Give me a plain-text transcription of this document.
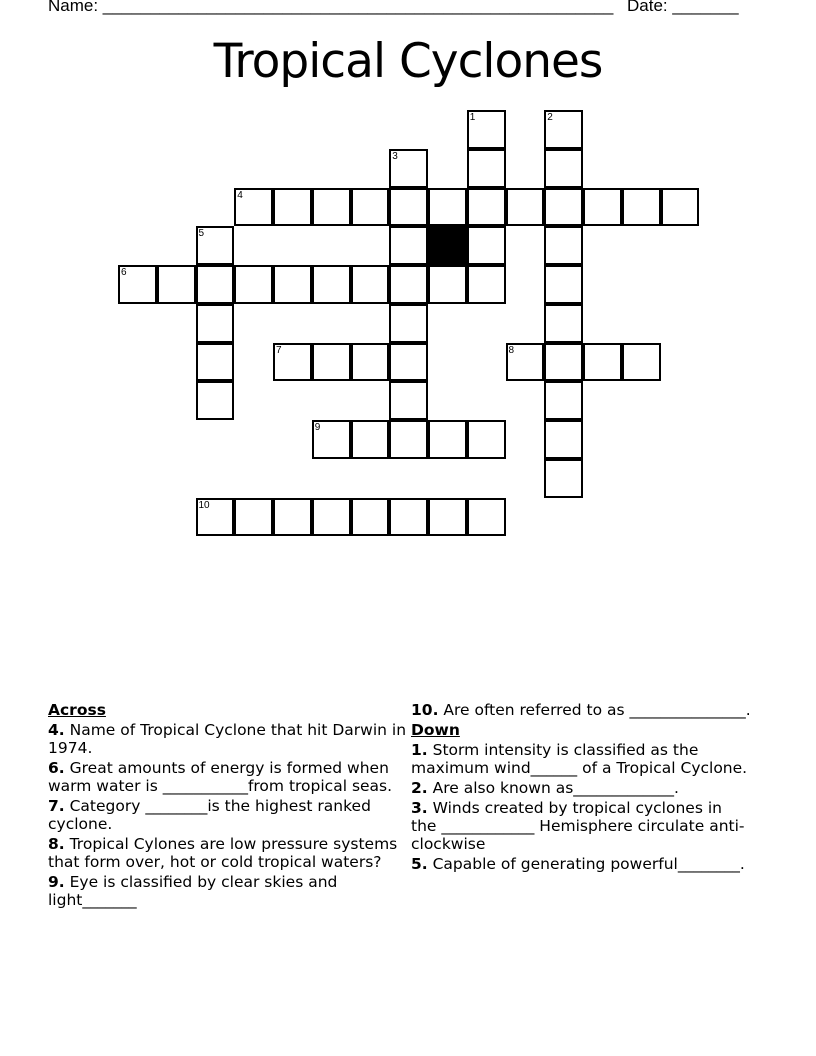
Name: ______________________________________________________ Date: _______
Tropical Cyclones
1	2
3
4
5
6
7	8
9
10
Across
4. Name of Tropical Cyclone that hit Darwin in 1974.
6. Great amounts of energy is formed when warm water is ___________from tropical seas.
7. Category ________is the highest ranked cyclone.
8. Tropical Cylones are low pressure systems that form over, hot or cold tropical waters?
9. Eye is classified by clear skies and light_______
10. Are often referred to as _______________.
Down
1. Storm intensity is classified as the maximum wind______ of a Tropical Cyclone.
2. Are also known as_____________.
3. Winds created by tropical cyclones in the ____________ Hemisphere circulate anti-clockwise
5. Capable of generating powerful________.
